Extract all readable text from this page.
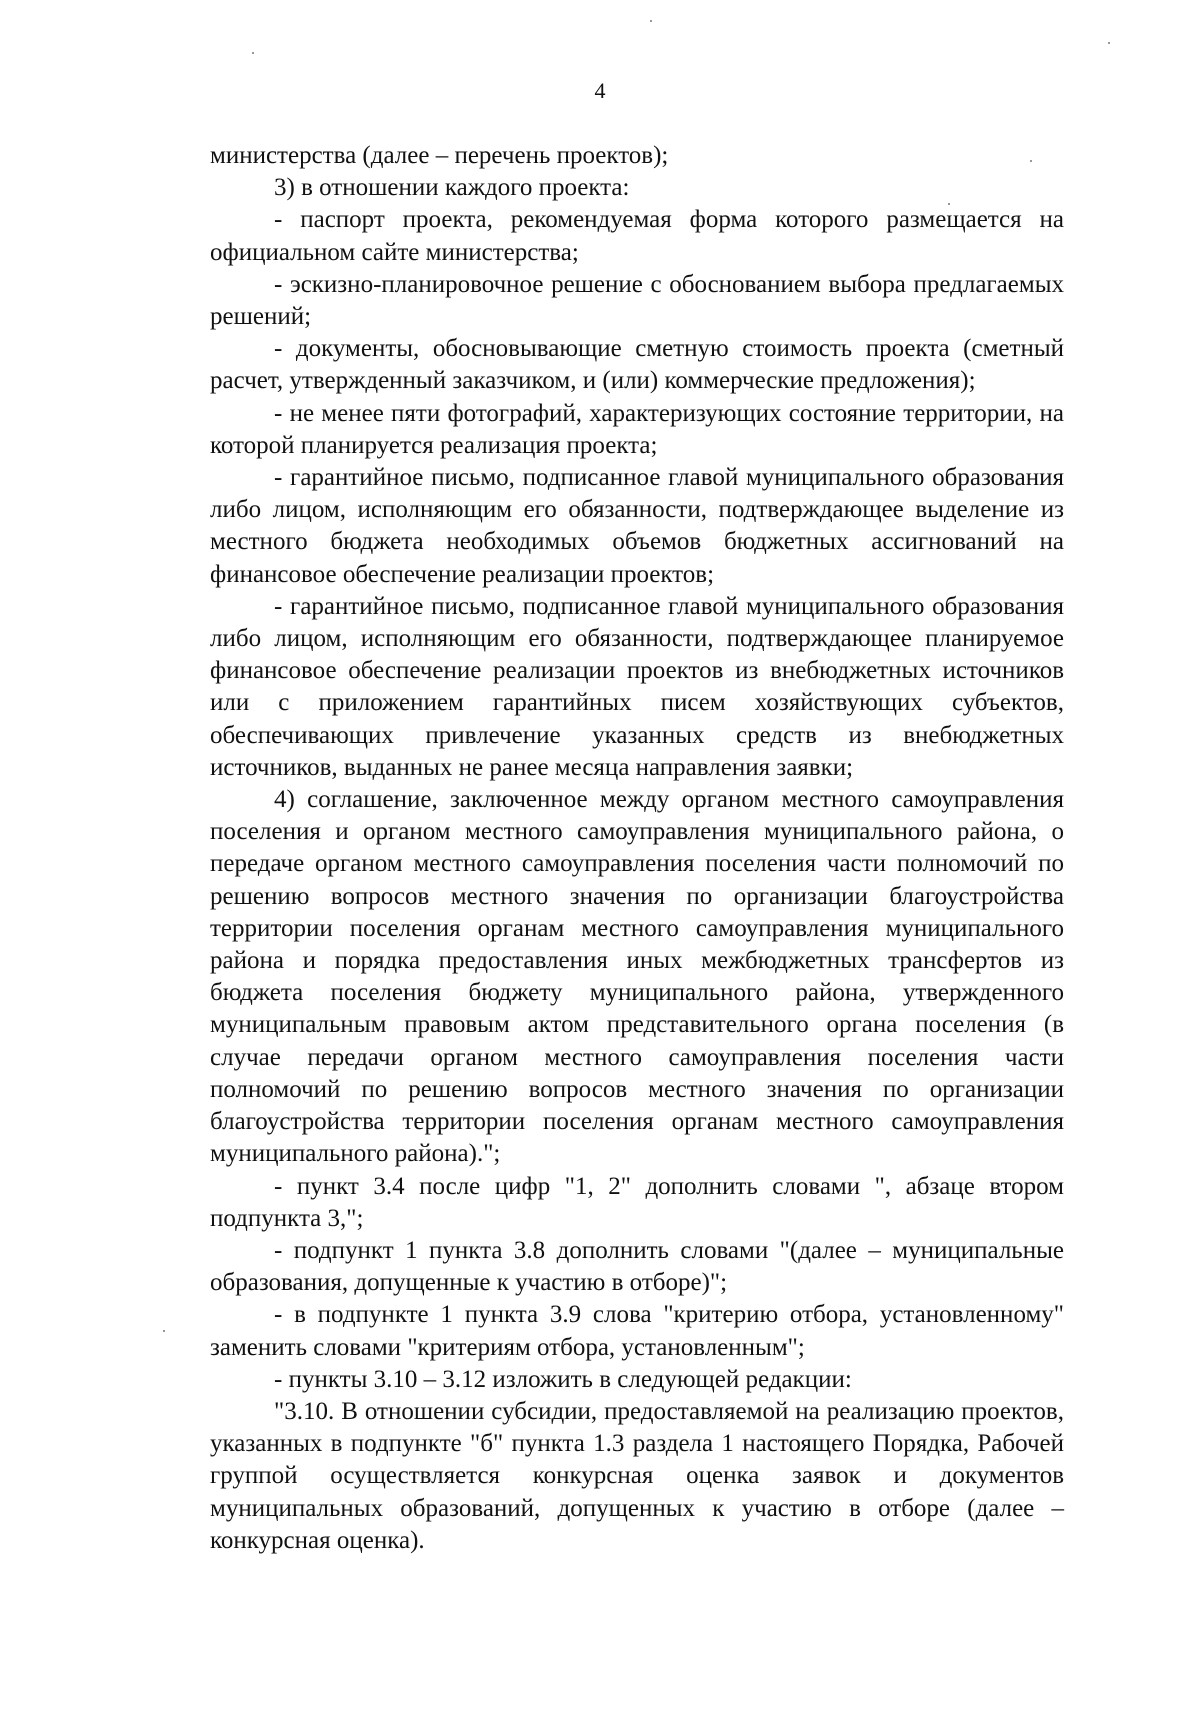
4

министерства (далее – перечень проектов);

3) в отношении каждого проекта:

- паспорт проекта, рекомендуемая форма которого размещается на официальном сайте министерства;

- эскизно-планировочное решение с обоснованием выбора предлагаемых решений;

- документы, обосновывающие сметную стоимость проекта (сметный расчет, утвержденный заказчиком, и (или) коммерческие предложения);

- не менее пяти фотографий, характеризующих состояние территории, на которой планируется реализация проекта;

- гарантийное письмо, подписанное главой муниципального образования либо лицом, исполняющим его обязанности, подтверждающее выделение из местного бюджета необходимых объемов бюджетных ассигнований на финансовое обеспечение реализации проектов;

- гарантийное письмо, подписанное главой муниципального образования либо лицом, исполняющим его обязанности, подтверждающее планируемое финансовое обеспечение реализации проектов из внебюджетных источников или с приложением гарантийных писем хозяйствующих субъектов, обеспечивающих привлечение указанных средств из внебюджетных источников, выданных не ранее месяца направления заявки;

4) соглашение, заключенное между органом местного самоуправления поселения и органом местного самоуправления муниципального района, о передаче органом местного самоуправления поселения части полномочий по решению вопросов местного значения по организации благоустройства территории поселения органам местного самоуправления муниципального района и порядка предоставления иных межбюджетных трансфертов из бюджета поселения бюджету муниципального района, утвержденного муниципальным правовым актом представительного органа поселения (в случае передачи органом местного самоуправления поселения части полномочий по решению вопросов местного значения по организации благоустройства территории поселения органам местного самоуправления муниципального района).";

- пункт 3.4 после цифр "1, 2" дополнить словами ", абзаце втором подпункта 3,";

- подпункт 1 пункта 3.8 дополнить словами "(далее – муниципальные образования, допущенные к участию в отборе)";

- в подпункте 1 пункта 3.9 слова "критерию отбора, установленному" заменить словами "критериям отбора, установленным";

- пункты 3.10 – 3.12 изложить в следующей редакции:

"3.10. В отношении субсидии, предоставляемой на реализацию проектов, указанных в подпункте "б" пункта 1.3 раздела 1 настоящего Порядка, Рабочей группой осуществляется конкурсная оценка заявок и документов муниципальных образований, допущенных к участию в отборе (далее – конкурсная оценка).
